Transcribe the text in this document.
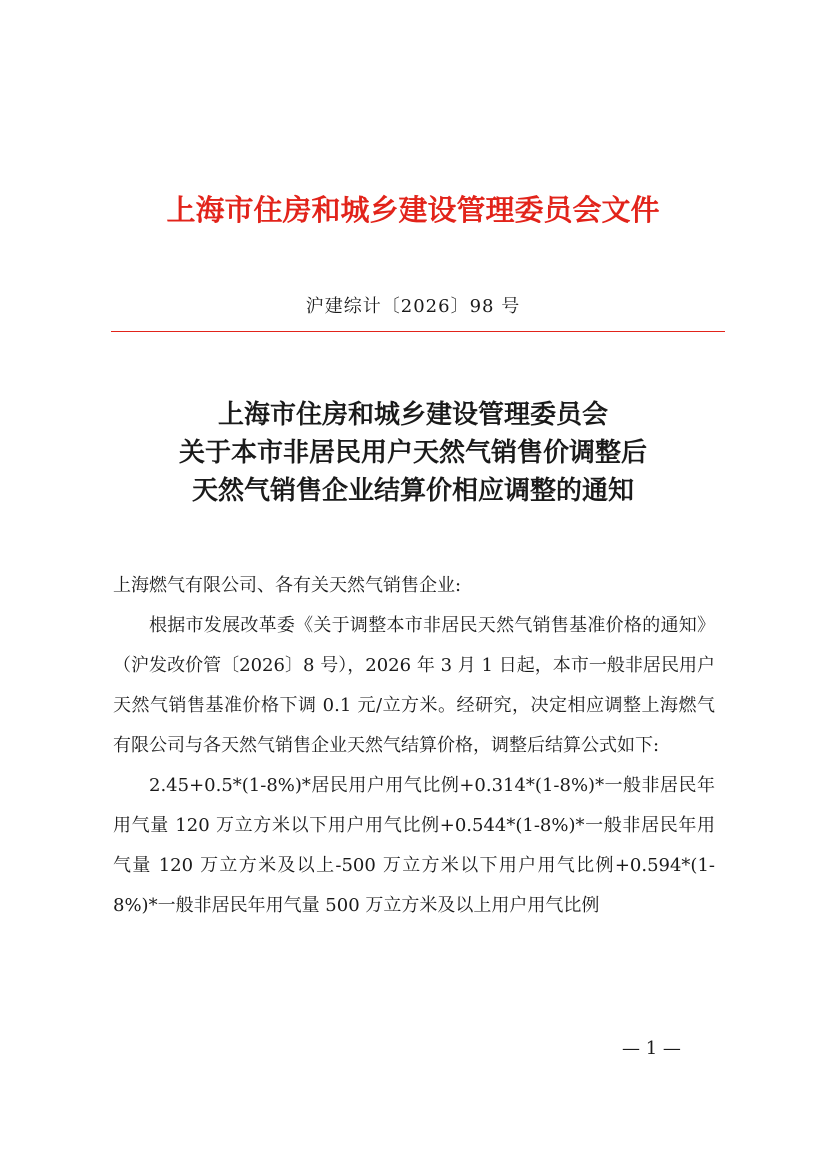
上海市住房和城乡建设管理委员会文件
沪建综计〔2026〕98 号
上海市住房和城乡建设管理委员会
关于本市非居民用户天然气销售价调整后
天然气销售企业结算价相应调整的通知

上海燃气有限公司、各有关天然气销售企业:

根据市发展改革委《关于调整本市非居民天然气销售基准价格的通知》（沪发改价管〔2026〕8 号），2026 年 3 月 1 日起，本市一般非居民用户天然气销售基准价格下调 0.1 元/立方米。经研究，决定相应调整上海燃气有限公司与各天然气销售企业天然气结算价格，调整后结算公式如下:

2.45+0.5*(1-8%)*居民用户用气比例+0.314*(1-8%)*一般非居民年用气量 120 万立方米以下用户用气比例+0.544*(1-8%)*一般非居民年用气量 120 万立方米及以上-500 万立方米以下用户用气比例+0.594*(1-8%)*一般非居民年用气量 500 万立方米及以上用户用气比例

— 1 —
